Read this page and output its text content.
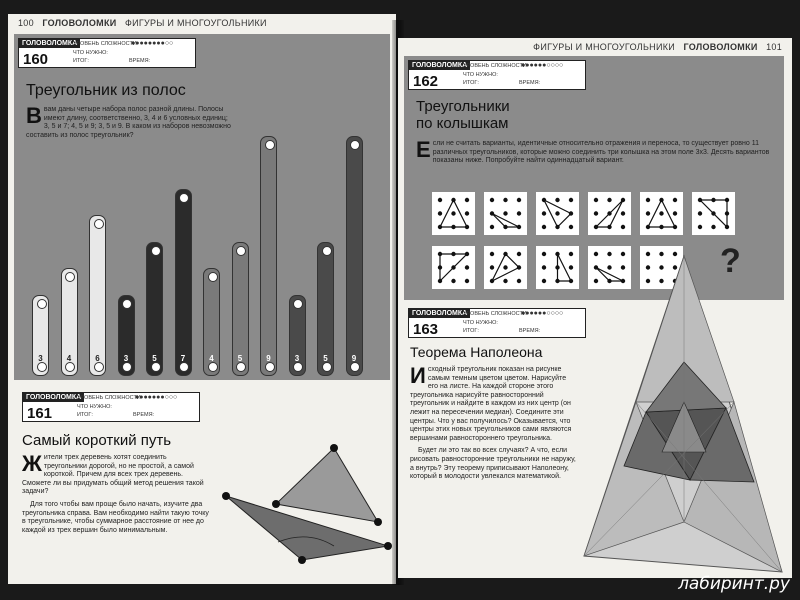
100 ГОЛОВОЛОМКИ ФИГУРЫ И МНОГОУГОЛЬНИКИ
ГОЛОВОЛОМКА
160
УРОВЕНЬ СЛОЖНОСТИ
●●●●●●●●○○
ЧТО НУЖНО:
ИТОГ:	ВРЕМЯ:
Треугольник из полос
Ввам даны четыре набора полос разной длины. Полосы имеют длину, соответственно, 3, 4 и 6 условных единиц; 3, 5 и 7; 4, 5 и 9; 3, 5 и 9. В каком из наборов невозможно составить из полос треугольник?
3	4	6	3	5	7	4	5	9	3	5	9
ГОЛОВОЛОМКА
161
УРОВЕНЬ СЛОЖНОСТИ
●●●●●●●○○○
ЧТО НУЖНО:
ИТОГ:	ВРЕМЯ:
Самый короткий путь
Жители трех деревень хотят соединить треугольники дорогой, но не простой, а самой короткой. Причем для всех трех деревень. Сможете ли вы придумать общий метод решения такой задачи?
Для того чтобы вам проще было начать, изучите два треугольника справа. Вам необходимо найти такую точку в треугольнике, чтобы суммарное расстояние от нее до каждой из трех вершин было минимальным.
ФИГУРЫ И МНОГОУГОЛЬНИКИ ГОЛОВОЛОМКИ 101
ГОЛОВОЛОМКА
162
УРОВЕНЬ СЛОЖНОСТИ
●●●●●●○○○○
ЧТО НУЖНО:
ИТОГ:	ВРЕМЯ:
Треугольники
по колышкам
Если не считать варианты, идентичные относительно отражения и переноса, то существует ровно 11 различных треугольников, которые можно соединить три колышка на этом поле 3x3. Десять вариантов показаны ниже. Попробуйте найти одиннадцатый вариант.
?
ГОЛОВОЛОМКА
163
УРОВЕНЬ СЛОЖНОСТИ
●●●●●●○○○○
ЧТО НУЖНО:
ИТОГ:	ВРЕМЯ:
Теорема Наполеона
Исходный треугольник показан на рисунке самым темным цветом цветом. Нарисуйте его на листе. На каждой стороне этого треугольника нарисуйте равносторонний треугольник и найдите в каждом из них центр (он лежит на пересечении медиан). Соедините эти центры. Что у вас получилось? Оказывается, что центры этих новых треугольников сами являются вершинами равностороннего треугольника.
Будет ли это так во всех случаях? А что, если рисовать равносторонние треугольники не наружу, а внутрь? Эту теорему приписывают Наполеону, который в молодости увлекался математикой.
лабиринт.ру
